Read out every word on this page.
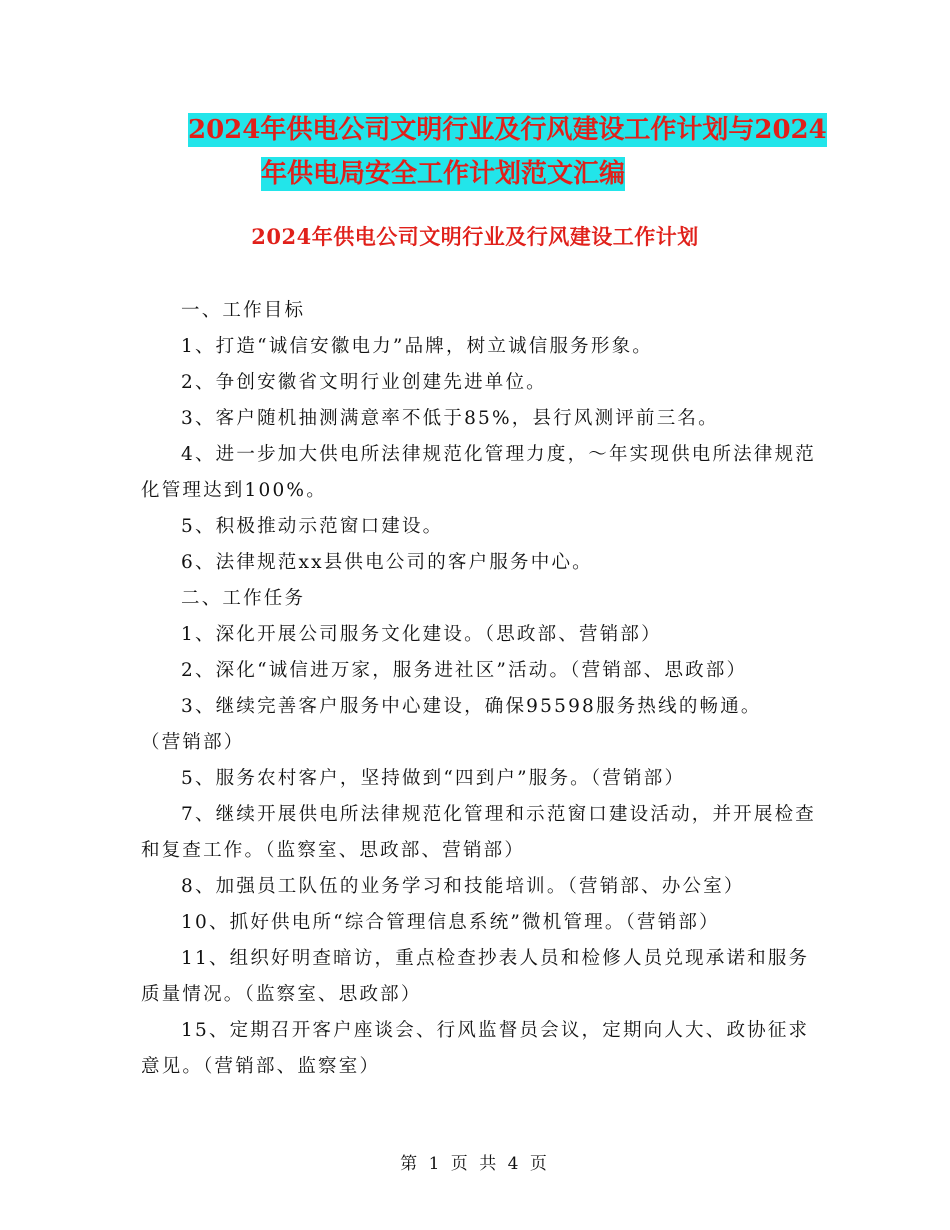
2024年供电公司文明行业及行风建设工作计划与2024
年供电局安全工作计划范文汇编
2024年供电公司文明行业及行风建设工作计划

一、工作目标

1、打造“诚信安徽电力”品牌，树立诚信服务形象。

2、争创安徽省文明行业创建先进单位。

3、客户随机抽测满意率不低于85%，县行风测评前三名。

4、进一步加大供电所法律规范化管理力度，～年实现供电所法律规范化管理达到100%。

5、积极推动示范窗口建设。

6、法律规范xx县供电公司的客户服务中心。

二、工作任务

1、深化开展公司服务文化建设。（思政部、营销部）

2、深化“诚信进万家，服务进社区”活动。（营销部、思政部）

3、继续完善客户服务中心建设，确保95598服务热线的畅通。

（营销部）

5、服务农村客户，坚持做到“四到户”服务。（营销部）

7、继续开展供电所法律规范化管理和示范窗口建设活动，并开展检查和复查工作。（监察室、思政部、营销部）

8、加强员工队伍的业务学习和技能培训。（营销部、办公室）

10、抓好供电所“综合管理信息系统”微机管理。（营销部）

11、组织好明查暗访，重点检查抄表人员和检修人员兑现承诺和服务质量情况。（监察室、思政部）

15、定期召开客户座谈会、行风监督员会议，定期向人大、政协征求意见。（营销部、监察室）

第 1 页 共 4 页
